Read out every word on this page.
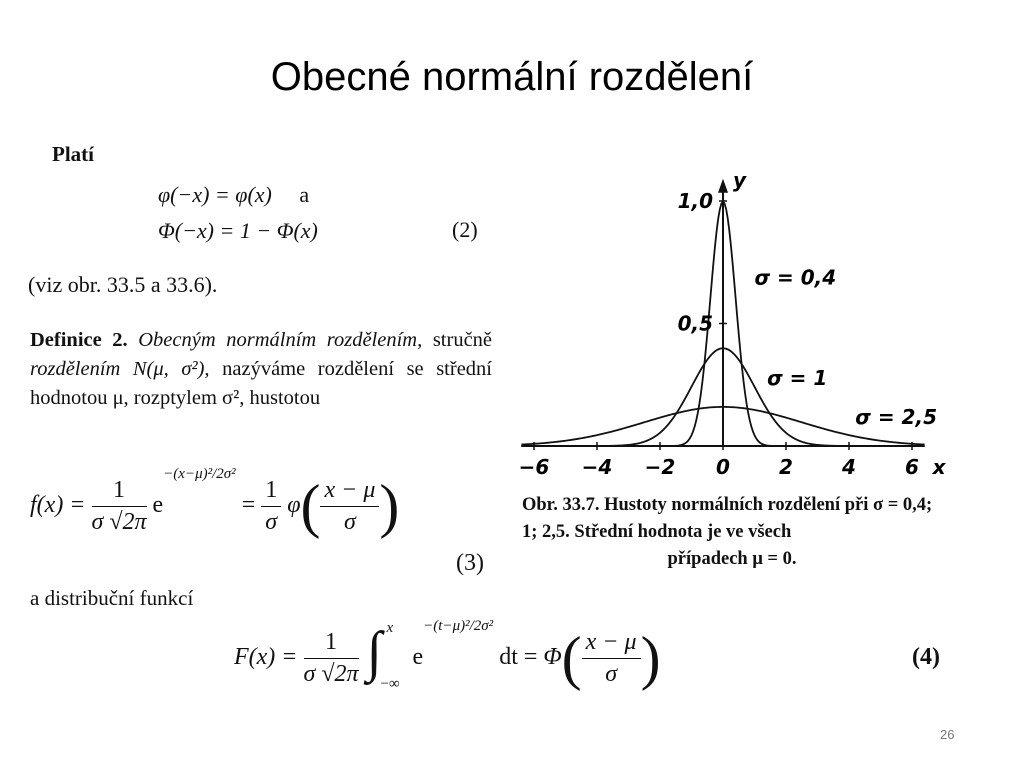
Obecné normální rozdělení
Platí
φ(−x) = φ(x) a
Φ(−x) = 1 − Φ(x)	(2)
(viz obr. 33.5 a 33.6).
Definice 2. Obecným normálním rozdělením, stručně rozdělením N(μ, σ²), nazýváme rozdělení se střední hodnotou μ, rozptylem σ², hustotou
$f(x) = \frac{1}{\sigma √2\pi} e^{-(x-\mu)^2/2\sigma^2} = \frac{1}{\sigma} \varphi( \frac{x - \mu}{\sigma}$ )
(3)
a distribuční funkcí
$F(x) = \frac{1}{\sigma √2\pi}$
∫ x
−∞
$e^{-(t-\mu)^2/2\sigma^2}$ dt = $\Phi( \frac{x - \mu}{\sigma}$ )	(4)
−6 −4 −2 0 2 4 6
1,0
0,5
x
y
σ = 0,4
σ = 1
σ = 2,5
Obr. 33.7. Hustoty normálních rozdělení při σ = 0,4; 1; 2,5. Střední hodnota je ve všech
případech μ = 0.
26
